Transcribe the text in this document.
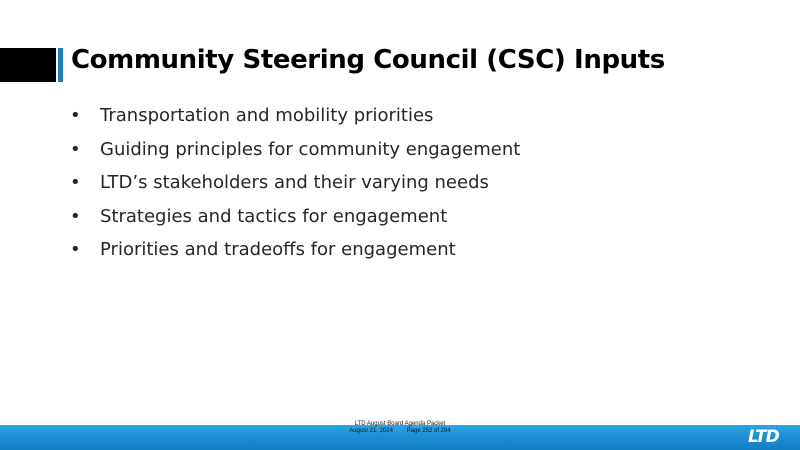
Community Steering Council (CSC) Inputs
• Transportation and mobility priorities
• Guiding principles for community engagement
• LTD’s stakeholders and their varying needs
• Strategies and tactics for engagement
• Priorities and tradeoffs for engagement
LTD August Board Agenda Packet
August 21, 2024 Page 252 of 294	LTD
